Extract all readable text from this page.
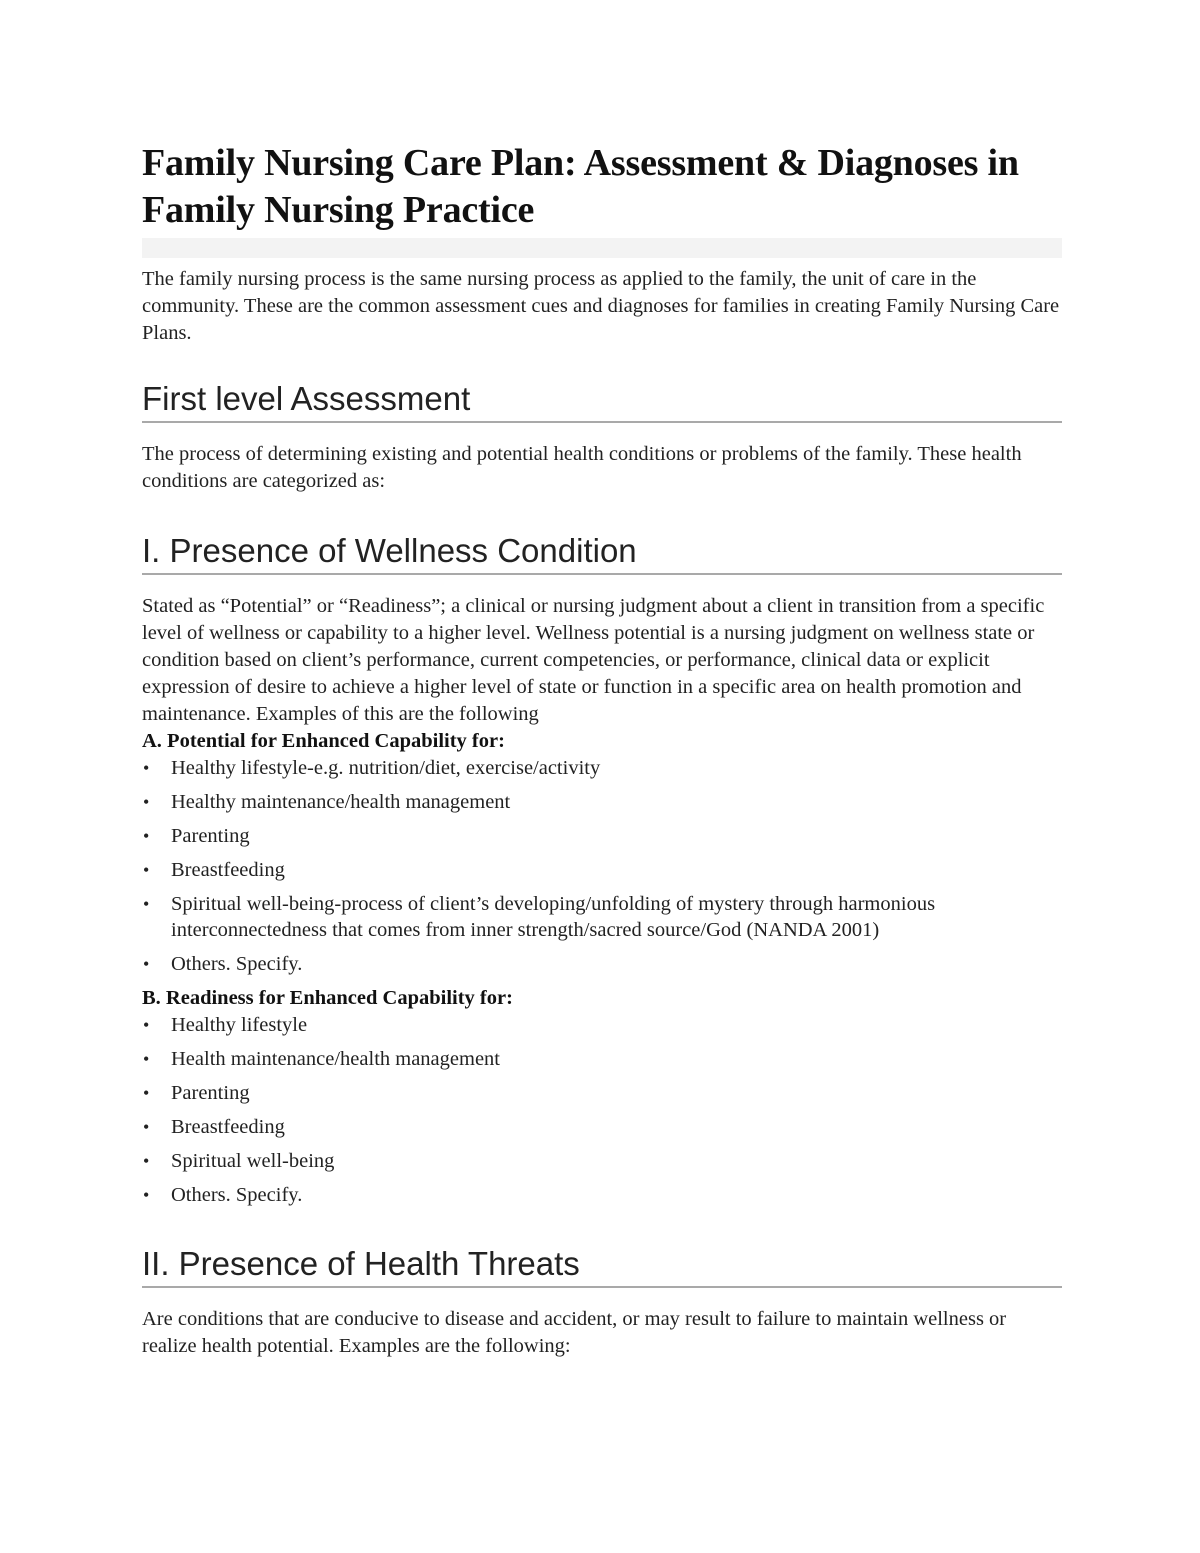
Family Nursing Care Plan: Assessment & Diagnoses in Family Nursing Practice

The family nursing process is the same nursing process as applied to the family, the unit of care in the community. These are the common assessment cues and diagnoses for families in creating Family Nursing Care Plans.

First level Assessment

The process of determining existing and potential health conditions or problems of the family. These health conditions are categorized as:

I. Presence of Wellness Condition

Stated as “Potential” or “Readiness”; a clinical or nursing judgment about a client in transition from a specific level of wellness or capability to a higher level. Wellness potential is a nursing judgment on wellness state or condition based on client’s performance, current competencies, or performance, clinical data or explicit expression of desire to achieve a higher level of state or function in a specific area on health promotion and maintenance. Examples of this are the following

A. Potential for Enhanced Capability for:

• Healthy lifestyle-e.g. nutrition/diet, exercise/activity
• Healthy maintenance/health management
• Parenting
• Breastfeeding
• Spiritual well-being-process of client’s developing/unfolding of mystery through harmonious interconnectedness that comes from inner strength/sacred source/God (NANDA 2001)
• Others. Specify.

B. Readiness for Enhanced Capability for:

• Healthy lifestyle
• Health maintenance/health management
• Parenting
• Breastfeeding
• Spiritual well-being
• Others. Specify.
II. Presence of Health Threats

Are conditions that are conducive to disease and accident, or may result to failure to maintain wellness or realize health potential. Examples are the following:
